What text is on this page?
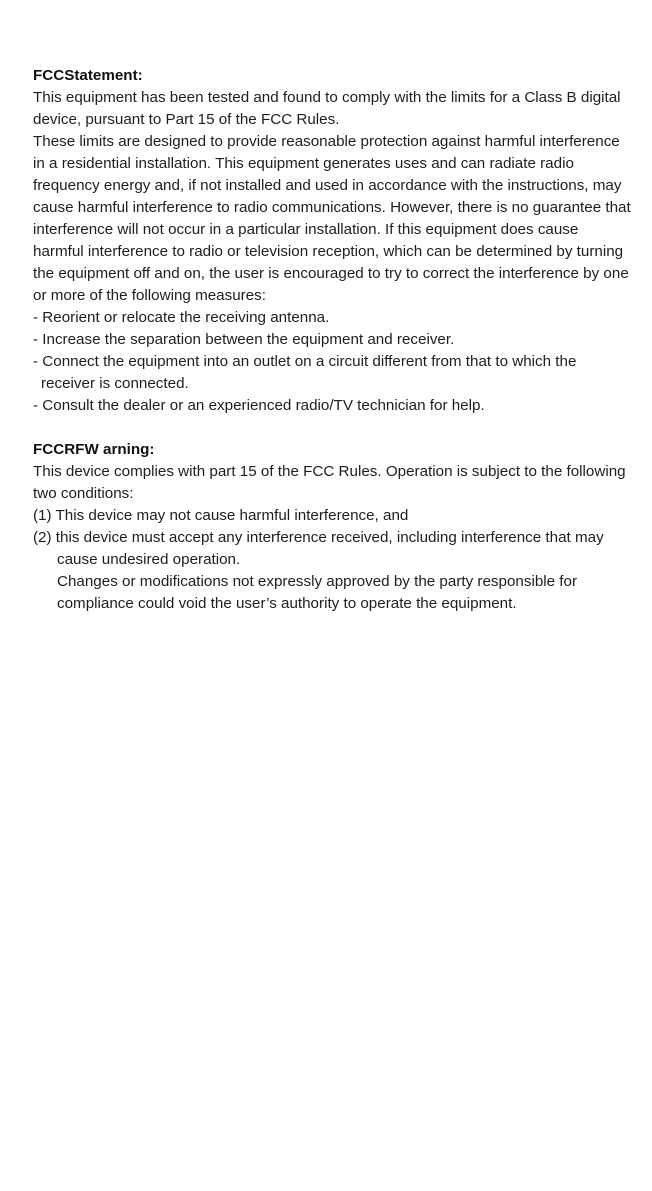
FCCStatement:

This equipment has been tested and found to comply with the limits for a Class B digital device, pursuant to Part 15 of the FCC Rules.

These limits are designed to provide reasonable protection against harmful interference in a residential installation. This equipment generates uses and can radiate radio frequency energy and, if not installed and used in accordance with the instructions, may cause harmful interference to radio communications. However, there is no guarantee that interference will not occur in a particular installation. If this equipment does cause harmful interference to radio or television reception, which can be determined by turning the equipment off and on, the user is encouraged to try to correct the interference by one or more of the following measures:

- Reorient or relocate the receiving antenna.
- Increase the separation between the equipment and receiver.
- Connect the equipment into an outlet on a circuit different from that to which the receiver is connected.
- Consult the dealer or an experienced radio/TV technician for help.

FCCRFW arning:

This device complies with part 15 of the FCC Rules. Operation is subject to the following two conditions:

(1) This device may not cause harmful interference, and
(2) this device must accept any interference received, including interference that may cause undesired operation.

Changes or modifications not expressly approved by the party responsible for compliance could void the user’s authority to operate the equipment.
